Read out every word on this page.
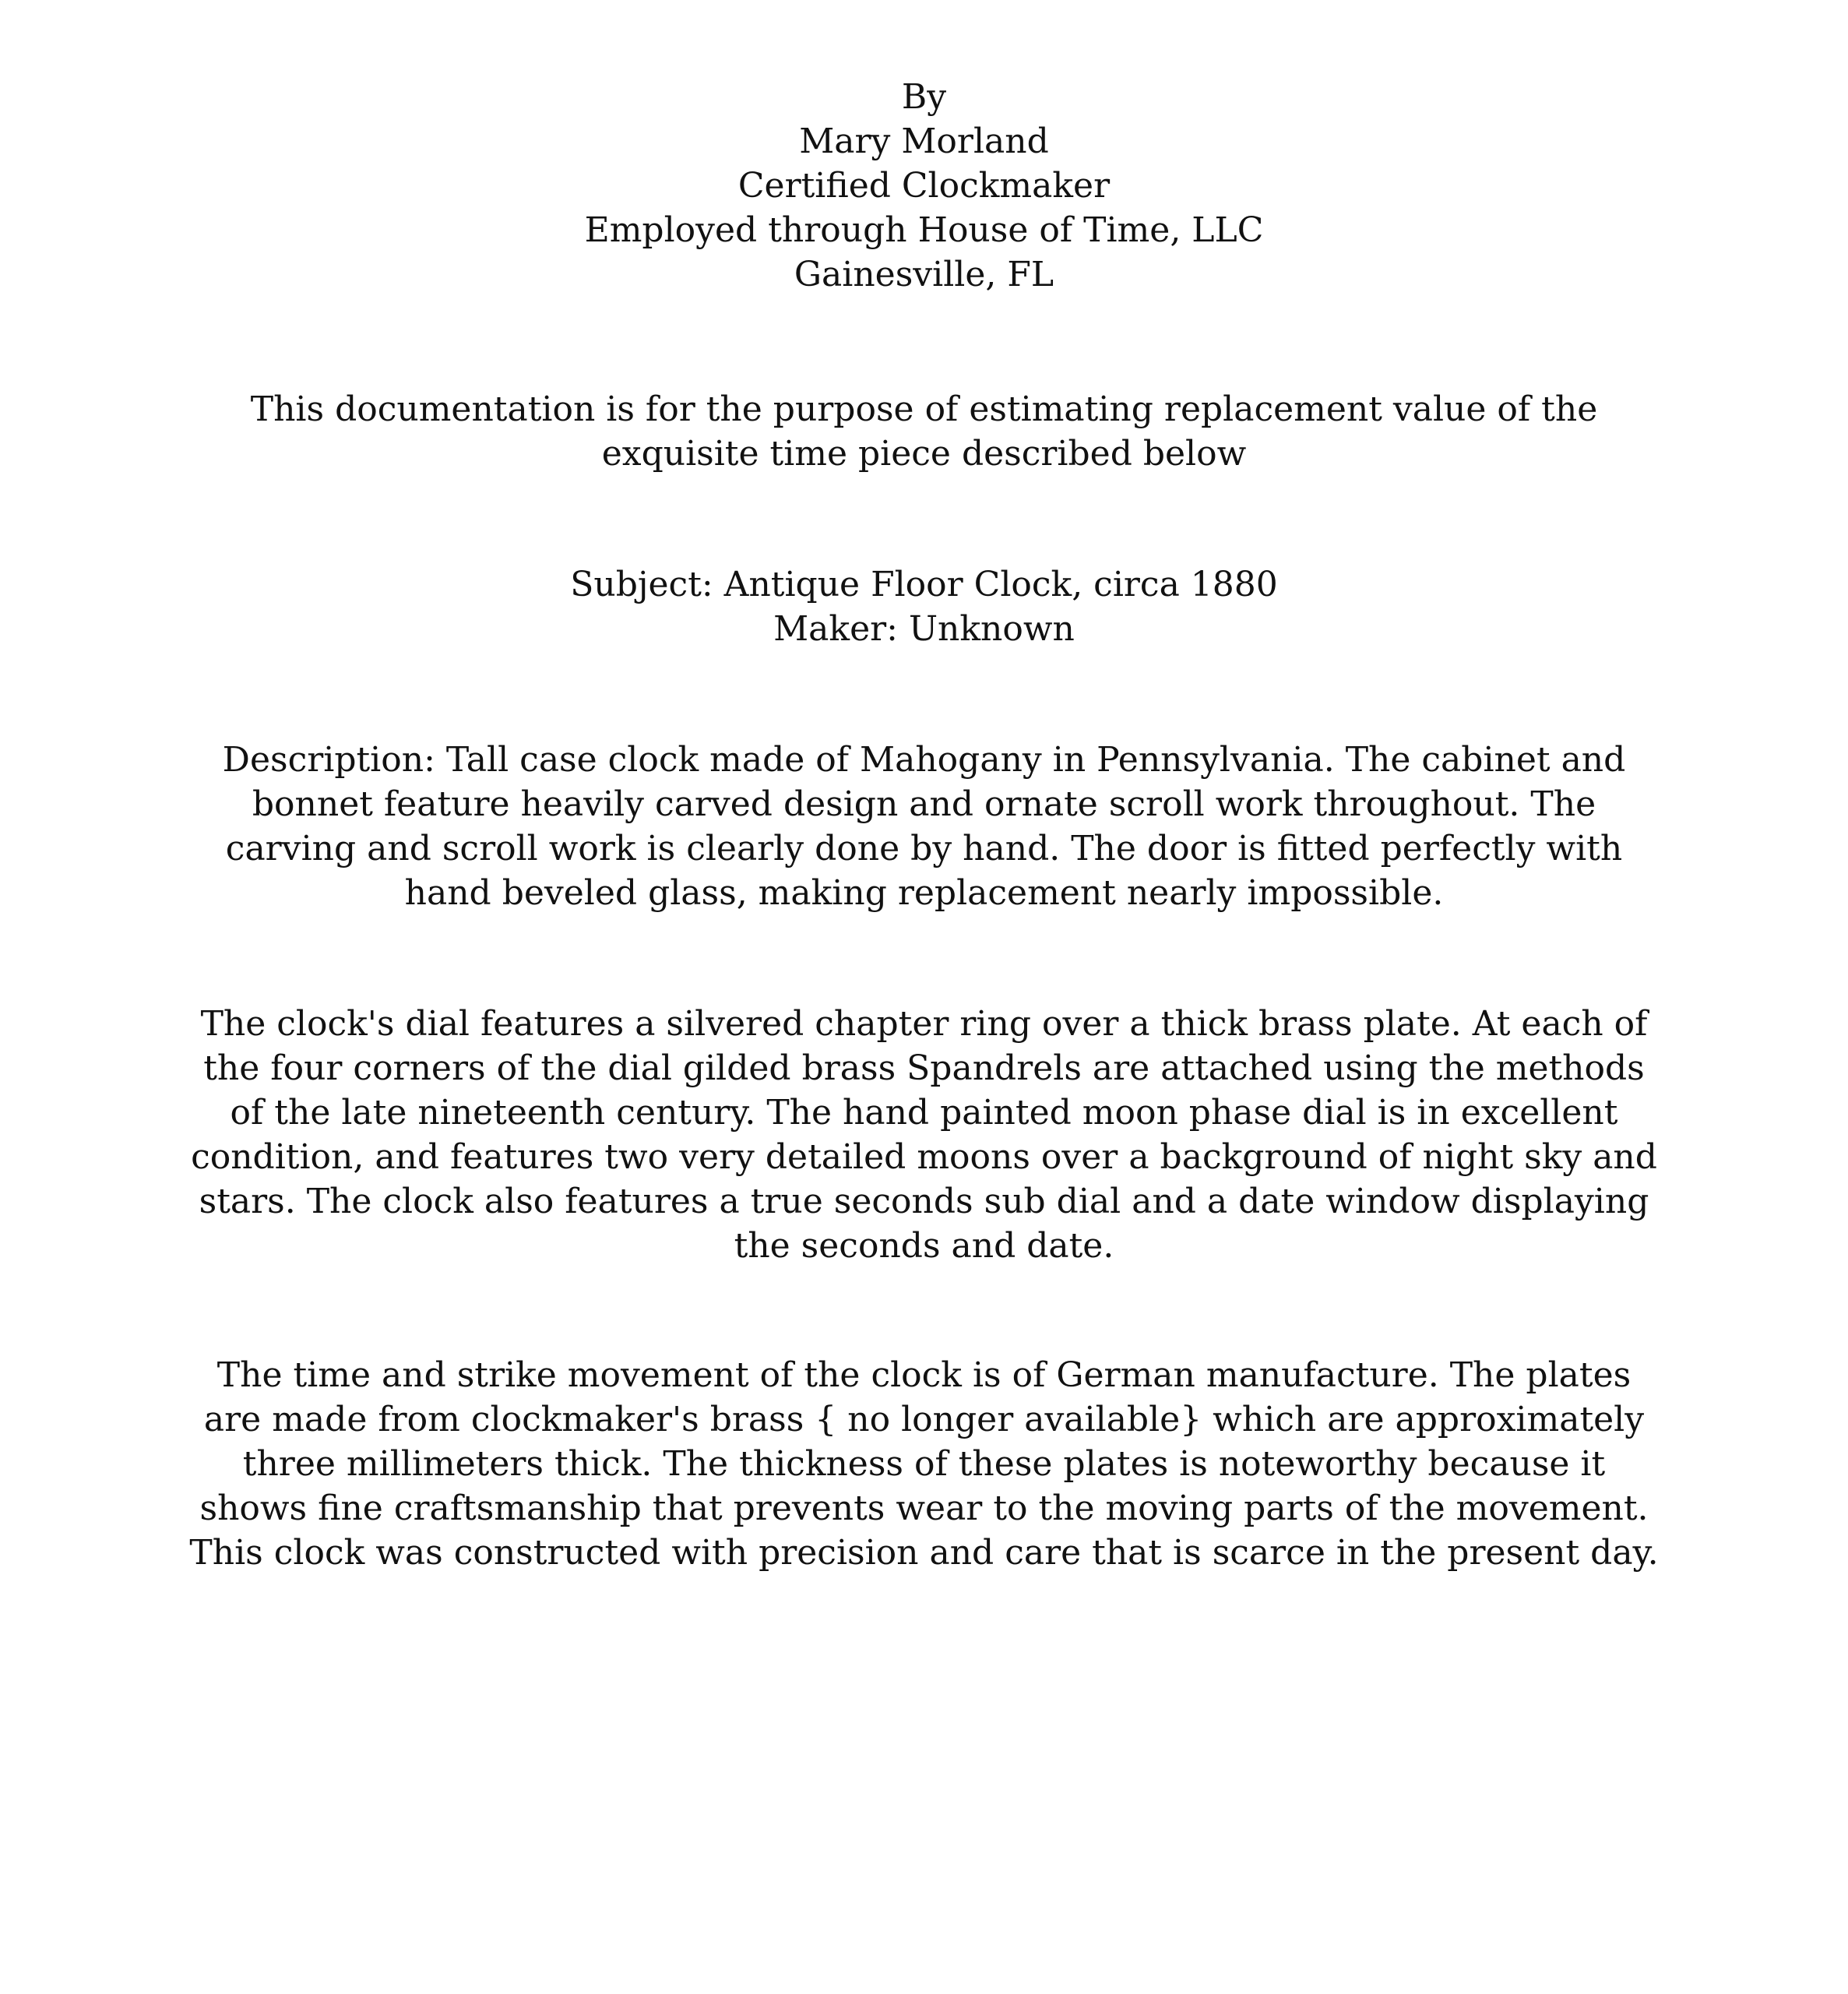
By
Mary Morland
Certified Clockmaker
Employed through House of Time, LLC
Gainesville, FL
This documentation is for the purpose of estimating replacement value of the
exquisite time piece described below
Subject: Antique Floor Clock, circa 1880
Maker: Unknown
Description: Tall case clock made of Mahogany in Pennsylvania. The cabinet and
bonnet feature heavily carved design and ornate scroll work throughout. The
carving and scroll work is clearly done by hand. The door is fitted perfectly with
hand beveled glass, making replacement nearly impossible.
The clock's dial features a silvered chapter ring over a thick brass plate. At each of
the four corners of the dial gilded brass Spandrels are attached using the methods
of the late nineteenth century. The hand painted moon phase dial is in excellent
condition, and features two very detailed moons over a background of night sky and
stars. The clock also features a true seconds sub dial and a date window displaying
the seconds and date.
The time and strike movement of the clock is of German manufacture. The plates
are made from clockmaker's brass { no longer available} which are approximately
three millimeters thick. The thickness of these plates is noteworthy because it
shows fine craftsmanship that prevents wear to the moving parts of the movement.
This clock was constructed with precision and care that is scarce in the present day.
